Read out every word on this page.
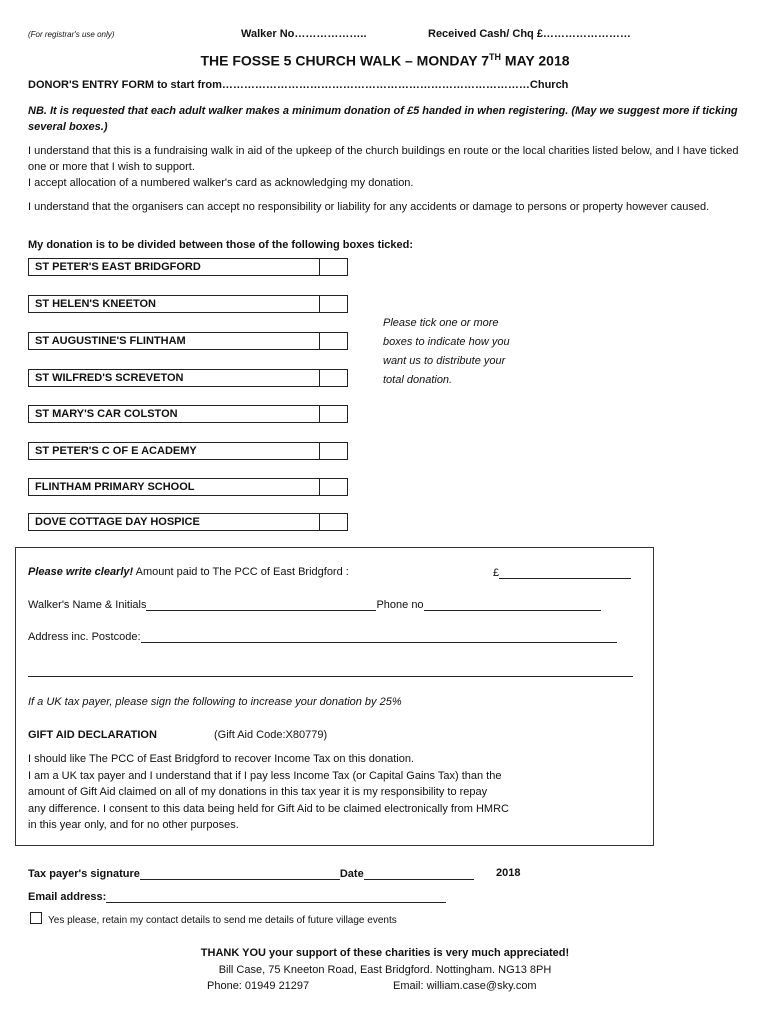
(For registrar's use only)	Walker No………………..	Received Cash/ Chq £……………………
THE FOSSE 5 CHURCH WALK – MONDAY 7TH MAY 2018
DONOR'S ENTRY FORM to start from…………………………………………………………………………Church
NB. It is requested that each adult walker makes a minimum donation of £5 handed in when registering. (May we suggest more if ticking several boxes.)
I understand that this is a fundraising walk in aid of the upkeep of the church buildings en route or the local charities listed below, and I have ticked one or more that I wish to support.
I accept allocation of a numbered walker's card as acknowledging my donation.
I understand that the organisers can accept no responsibility or liability for any accidents or damage to persons or property however caused.
My donation is to be divided between those of the following boxes ticked:
ST PETER'S EAST BRIDGFORD
ST HELEN'S KNEETON
ST AUGUSTINE'S FLINTHAM
ST WILFRED'S SCREVETON
ST MARY'S CAR COLSTON
ST PETER'S C OF E ACADEMY
FLINTHAM PRIMARY SCHOOL
DOVE COTTAGE DAY HOSPICE
Please tick one or more
boxes to indicate how you
want us to distribute your
total donation.
Please write clearly! Amount paid to The PCC of East Bridgford :	£
Walker's Name & Initials	Phone no
Address inc. Postcode:
If a UK tax payer, please sign the following to increase your donation by 25%
GIFT AID DECLARATION	(Gift Aid Code:X80779)
I should like The PCC of East Bridgford to recover Income Tax on this donation.
I am a UK tax payer and I understand that if I pay less Income Tax (or Capital Gains Tax) than the
amount of Gift Aid claimed on all of my donations in this tax year it is my responsibility to repay
any difference. I consent to this data being held for Gift Aid to be claimed electronically from HMRC
in this year only, and for no other purposes.
Tax payer's signature	Date	2018
Email address:
Yes please, retain my contact details to send me details of future village events
THANK YOU your support of these charities is very much appreciated!
Bill Case, 75 Kneeton Road, East Bridgford. Nottingham. NG13 8PH
Phone: 01949 21297	Email: william.case@sky.com
